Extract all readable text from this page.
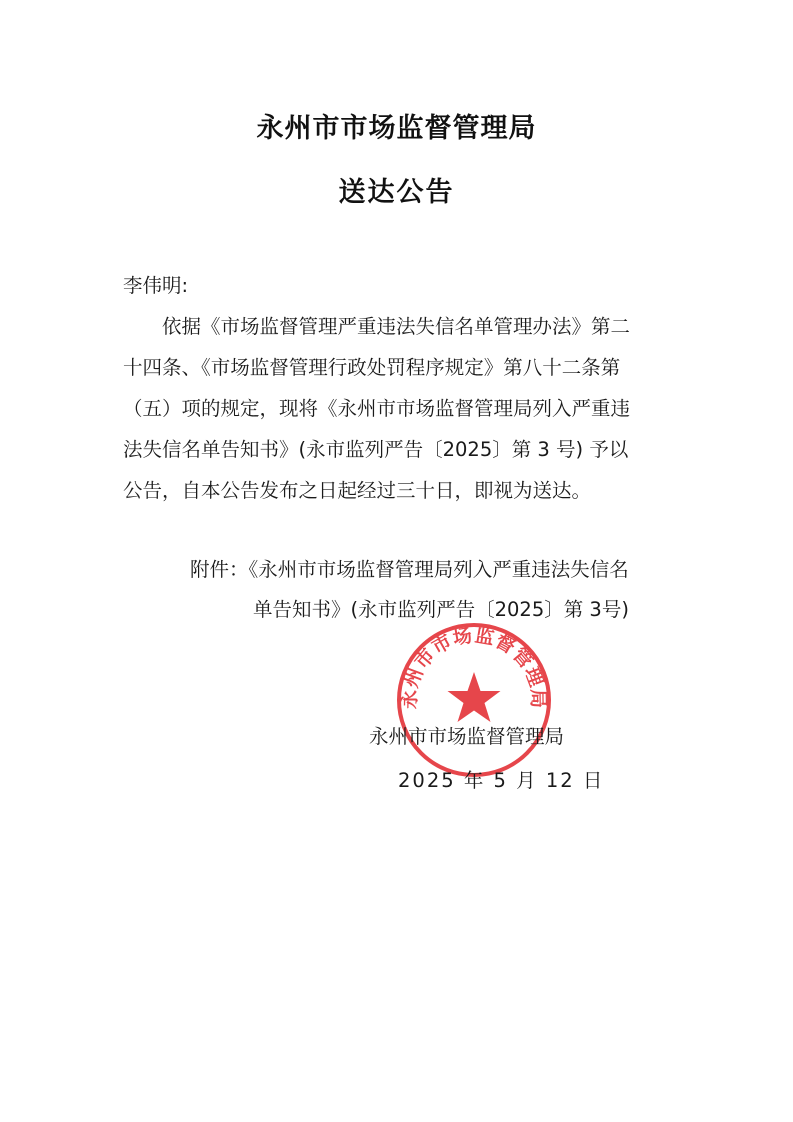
永州市市场监督管理局
送达公告
李伟明:
　　依据《市场监督管理严重违法失信名单管理办法》第二
十四条、《市场监督管理行政处罚程序规定》第八十二条第
（五）项的规定，现将《永州市市场监督管理局列入严重违
法失信名单告知书》(永市监列严告〔2025〕第 3 号) 予以
公告，自本公告发布之日起经过三十日，即视为送达。
附件：《永州市市场监督管理局列入严重违法失信名
单告知书》(永市监列严告〔2025〕第 3号)
永州市市场监督管理局
永州市市场监督管理局
2025 年 5 月 12 日
